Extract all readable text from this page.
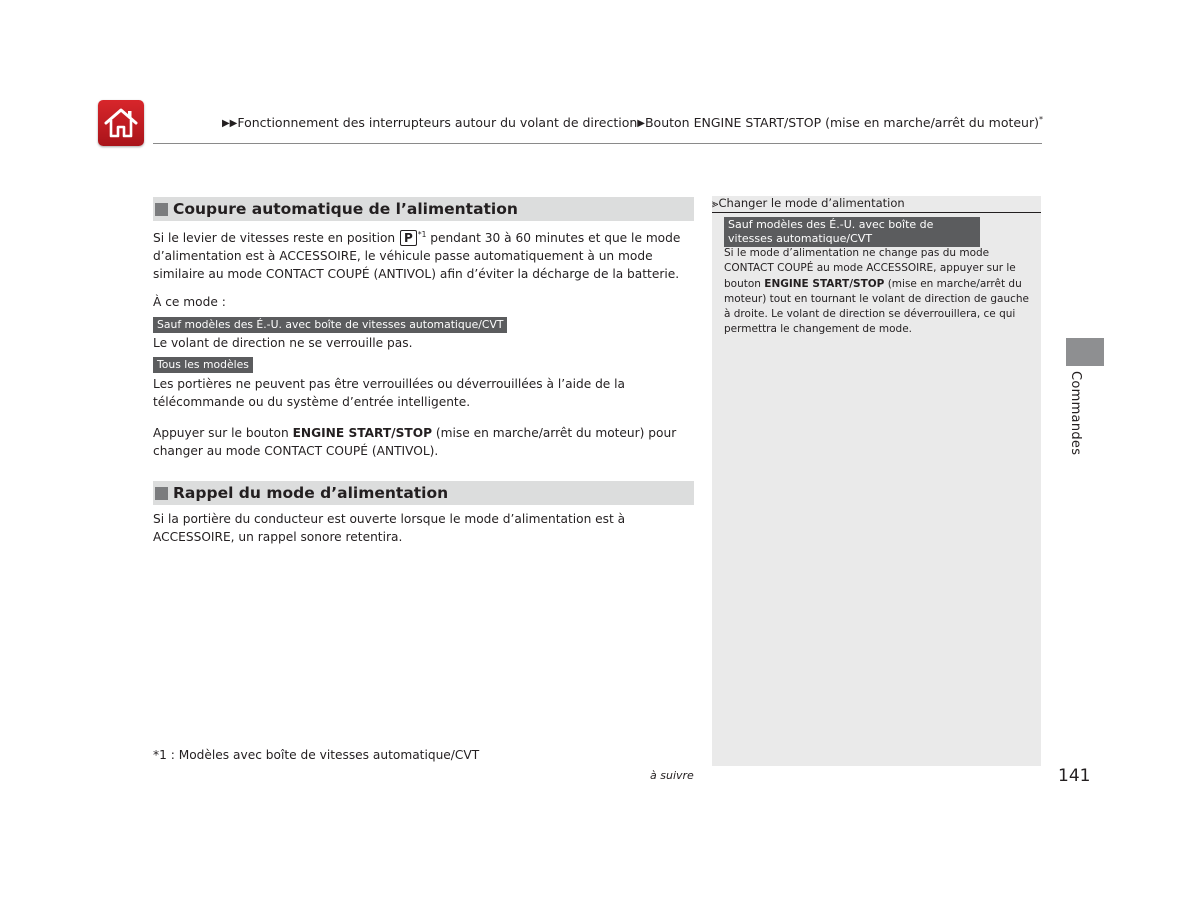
▶▶Fonctionnement des interrupteurs autour du volant de direction▶Bouton ENGINE START/STOP (mise en marche/arrêt du moteur)*
Coupure automatique de l’alimentation
Si le levier de vitesses reste en position P $^{*1}$ pendant 30 à 60 minutes et que le mode d’alimentation est à ACCESSOIRE, le véhicule passe automatiquement à un mode similaire au mode CONTACT COUPÉ (ANTIVOL) afin d’éviter la décharge de la batterie.
À ce mode :
Sauf modèles des É.-U. avec boîte de vitesses automatique/CVT
Le volant de direction ne se verrouille pas.
Tous les modèles
Les portières ne peuvent pas être verrouillées ou déverrouillées à l’aide de la télécommande ou du système d’entrée intelligente.
Appuyer sur le bouton ENGINE START/STOP (mise en marche/arrêt du moteur) pour changer au mode CONTACT COUPÉ (ANTIVOL).
Rappel du mode d’alimentation
Si la portière du conducteur est ouverte lorsque le mode d’alimentation est à ACCESSOIRE, un rappel sonore retentira.
⪢Changer le mode d’alimentation
Sauf modèles des É.-U. avec boîte de vitesses automatique/CVT
Si le mode d’alimentation ne change pas du mode CONTACT COUPÉ au mode ACCESSOIRE, appuyer sur le bouton ENGINE START/STOP (mise en marche/arrêt du moteur) tout en tournant le volant de direction de gauche à droite. Le volant de direction se déverrouillera, ce qui permettra le changement de mode.
Commandes
*1 : Modèles avec boîte de vitesses automatique/CVT
à suivre	141
